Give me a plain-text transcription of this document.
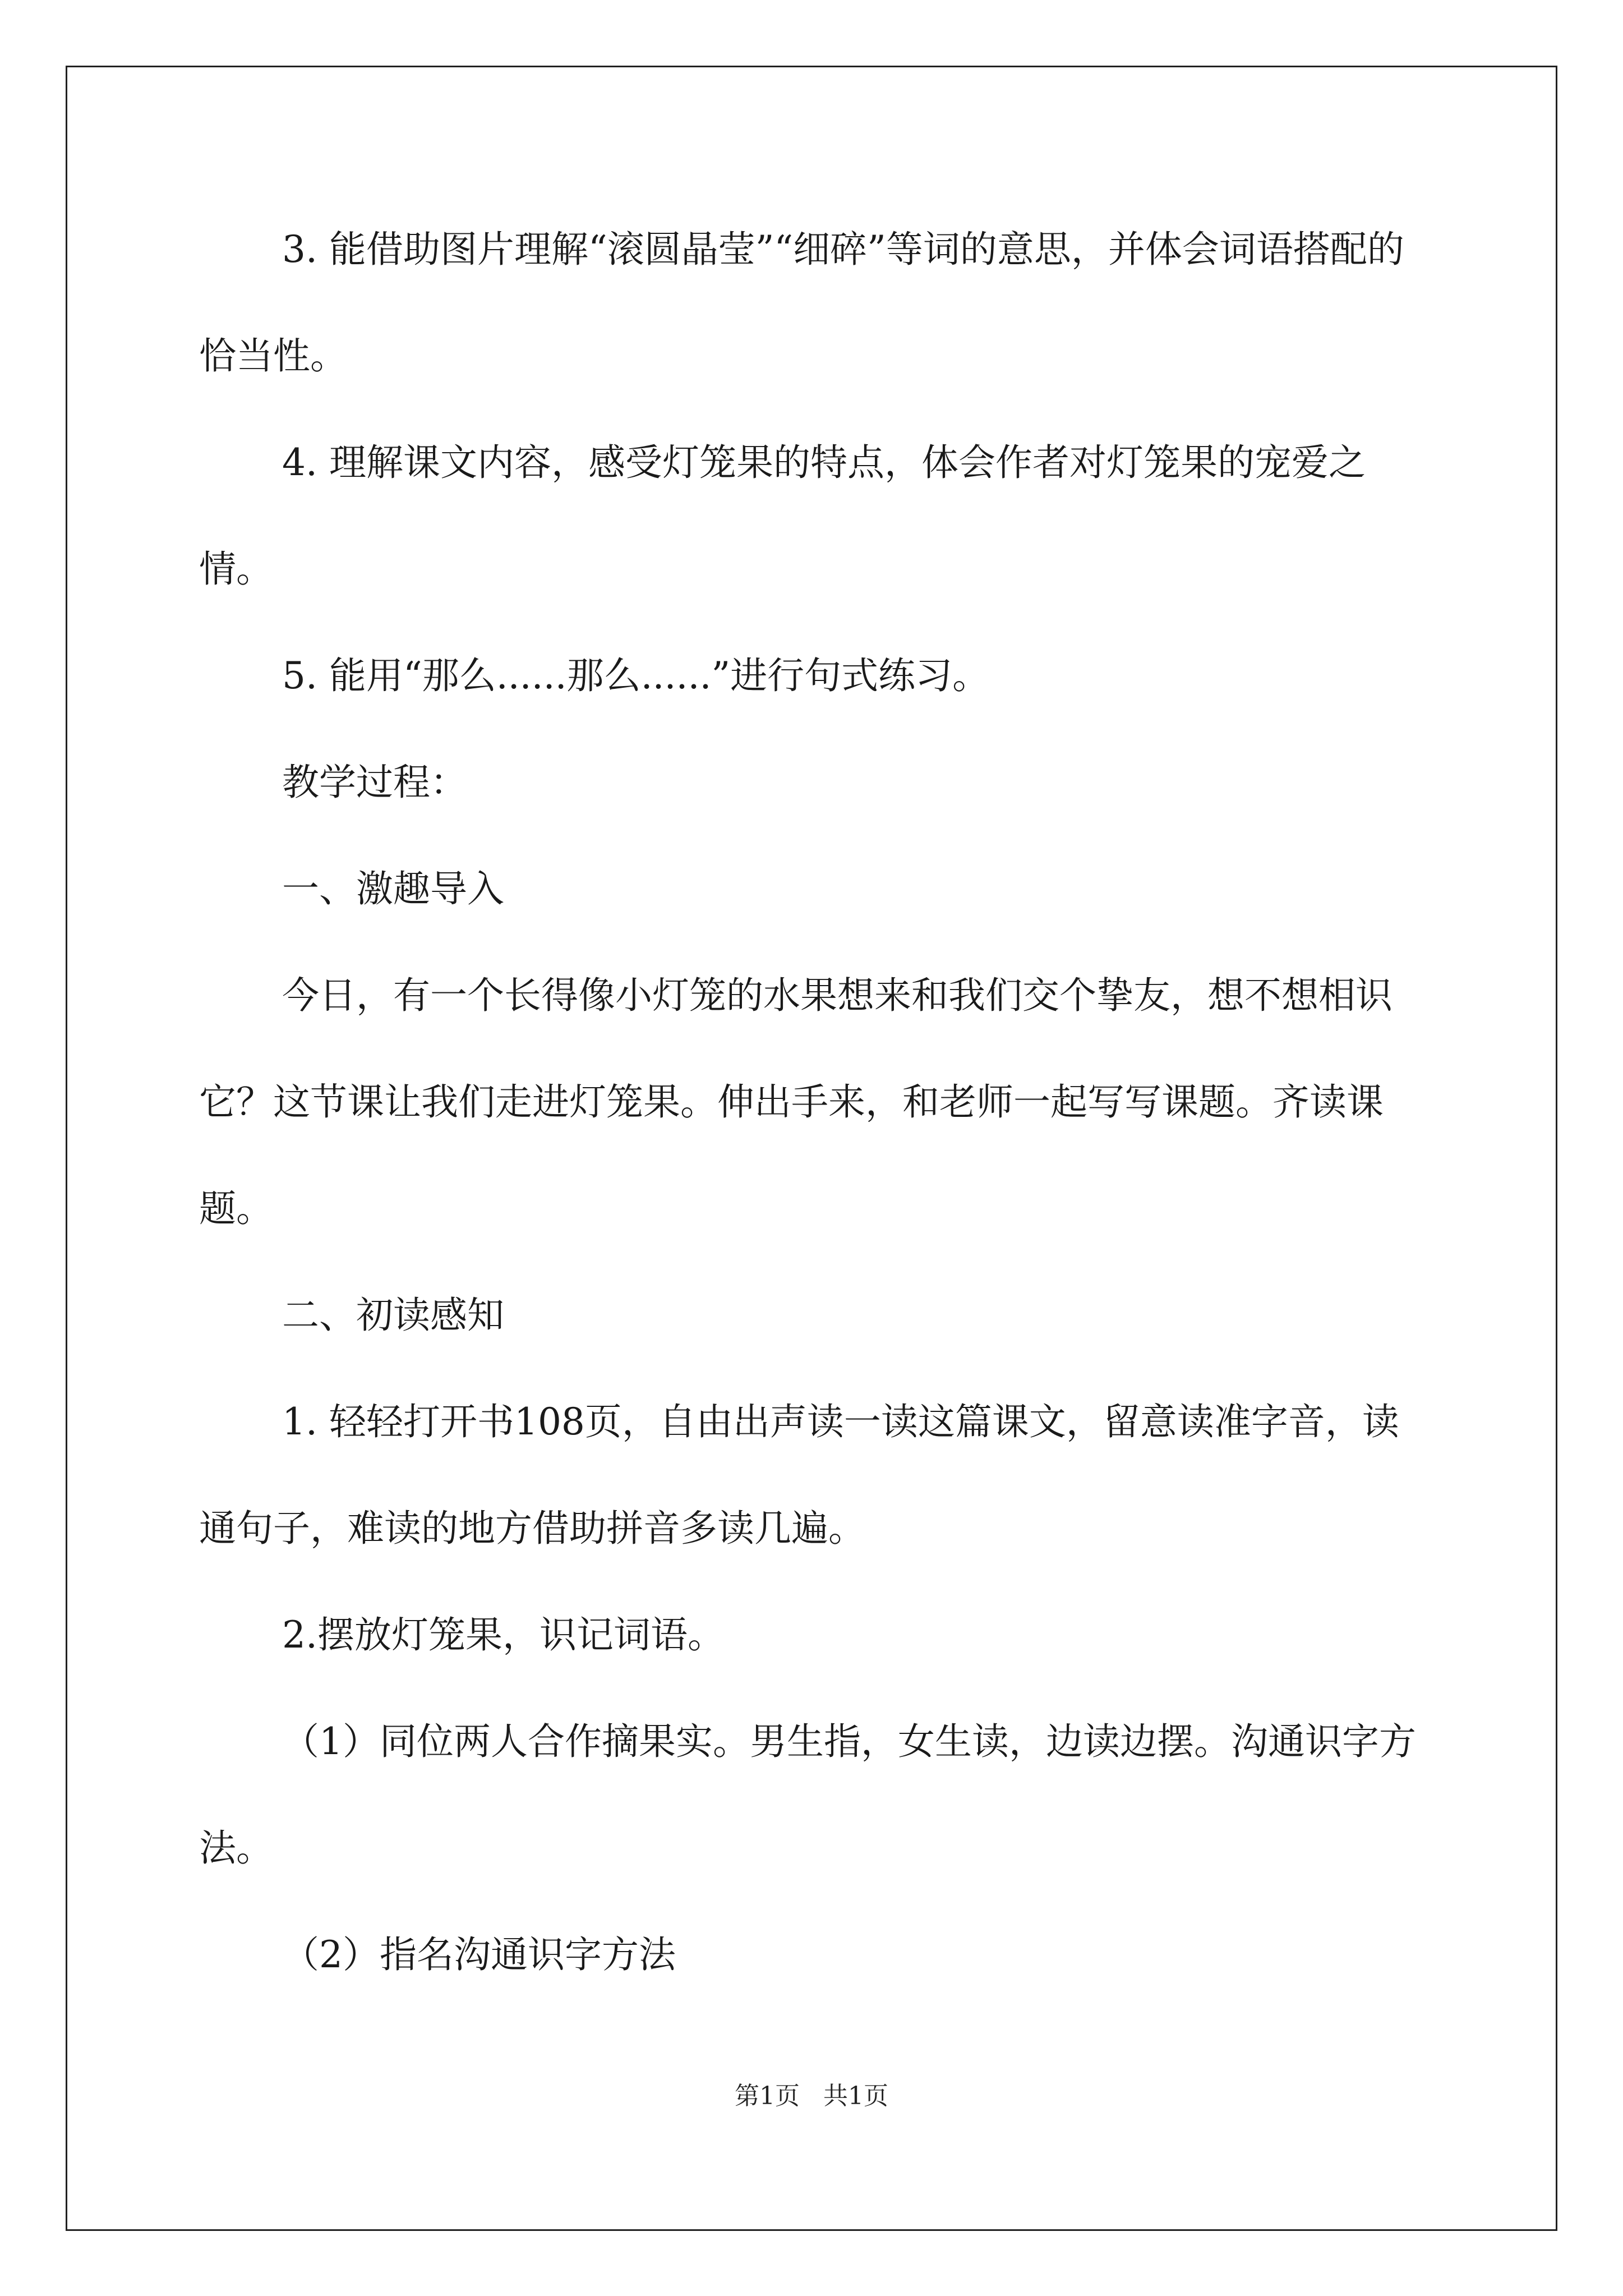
3. 能借助图片理解“滚圆晶莹”“细碎”等词的意思，并体会词语搭配的恰当性。

4. 理解课文内容，感受灯笼果的特点，体会作者对灯笼果的宠爱之情。

5. 能用“那么......那么......”进行句式练习。

教学过程：

一、激趣导入

今日，有一个长得像小灯笼的水果想来和我们交个挚友，想不想相识它？这节课让我们走进灯笼果。伸出手来，和老师一起写写课题。齐读课题。

二、初读感知

1. 轻轻打开书108页，自由出声读一读这篇课文，留意读准字音，读通句子，难读的地方借助拼音多读几遍。

2.摆放灯笼果，识记词语。

（1）同位两人合作摘果实。男生指，女生读，边读边摆。沟通识字方法。

（2）指名沟通识字方法

第1页 共1页
